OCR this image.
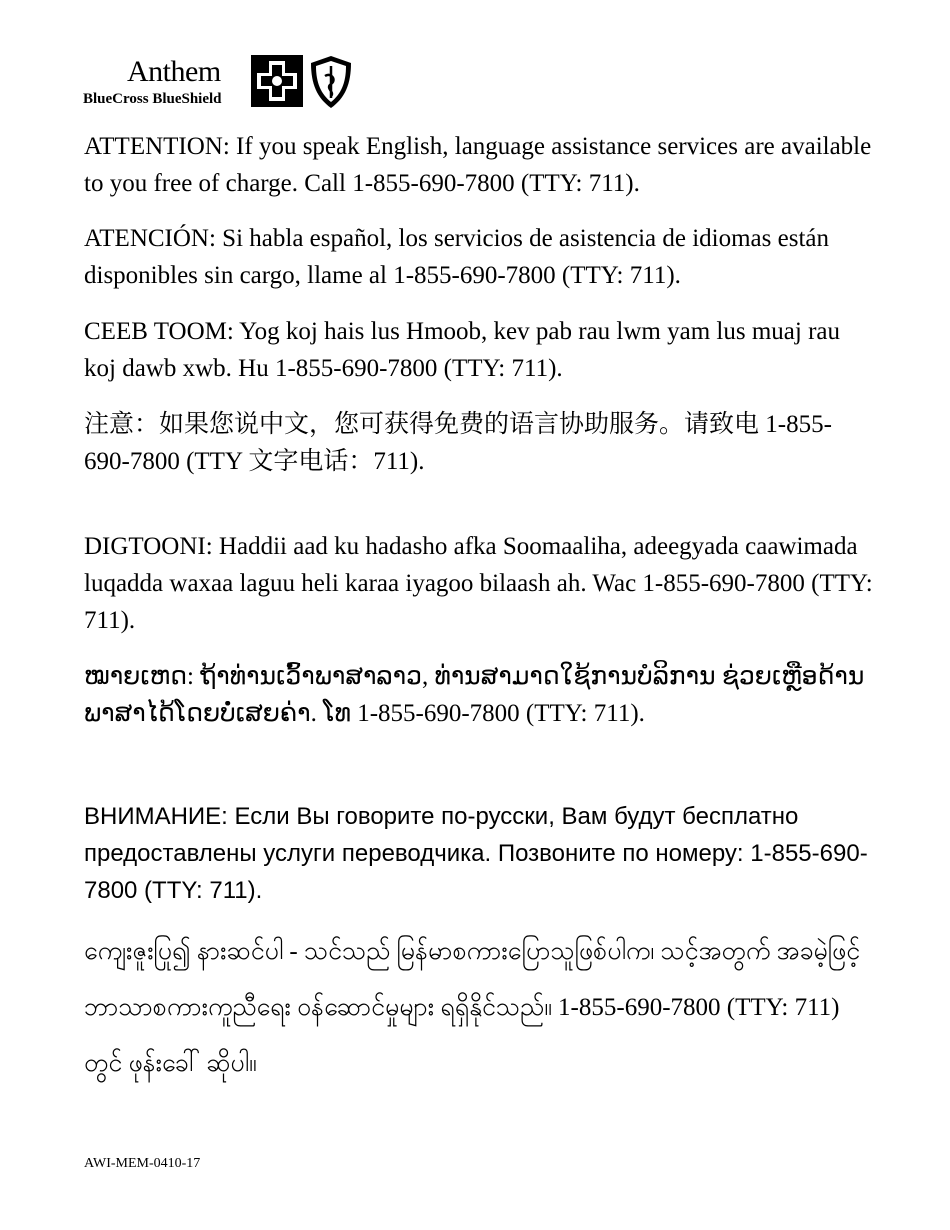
Anthem
BlueCross BlueShield

ATTENTION: If you speak English, language assistance services are available to you free of charge. Call 1-855-690-7800 (TTY: 711).

ATENCIÓN: Si habla español, los servicios de asistencia de idiomas están disponibles sin cargo, llame al 1-855-690-7800 (TTY: 711).

CEEB TOOM: Yog koj hais lus Hmoob, kev pab rau lwm yam lus muaj rau koj dawb xwb. Hu 1-855-690-7800 (TTY: 711).

注意：如果您说中文，您可获得免费的语言协助服务。请致电 1-855-690-7800 (TTY 文字电话：711).

DIGTOONI: Haddii aad ku hadasho afka Soomaaliha, adeegyada caawimada luqadda waxaa laguu heli karaa iyagoo bilaash ah. Wac 1-855-690-7800 (TTY: 711).

ໝາຍເຫດ: ຖ້າທ່ານເວົ້າພາສາລາວ, ທ່ານສາມາດໃຊ້ການບໍລິການ ຊ່ວຍເຫຼືອດ້ານພາສາໄດ້ໂດຍບໍ່ເສຍຄ່າ. ໂທ 1-855-690-7800 (TTY: 711).

ВНИМАНИЕ: Если Вы говорите по-русски, Вам будут бесплатно предоставлены услуги переводчика. Позвоните по номеру: 1-855-690-7800 (TTY: 711).

ကျေးဇူးပြု၍ နားဆင်ပါ - သင်သည် မြန်မာစကားပြောသူဖြစ်ပါက၊ သင့်အတွက် အခမဲ့ဖြင့် ဘာသာစကားကူညီရေး ဝန်ဆောင်မှုများ ရရှိနိုင်သည်။ 1-855-690-7800 (TTY: 711) တွင် ဖုန်းခေါ် ဆိုပါ။

AWI-MEM-0410-17
